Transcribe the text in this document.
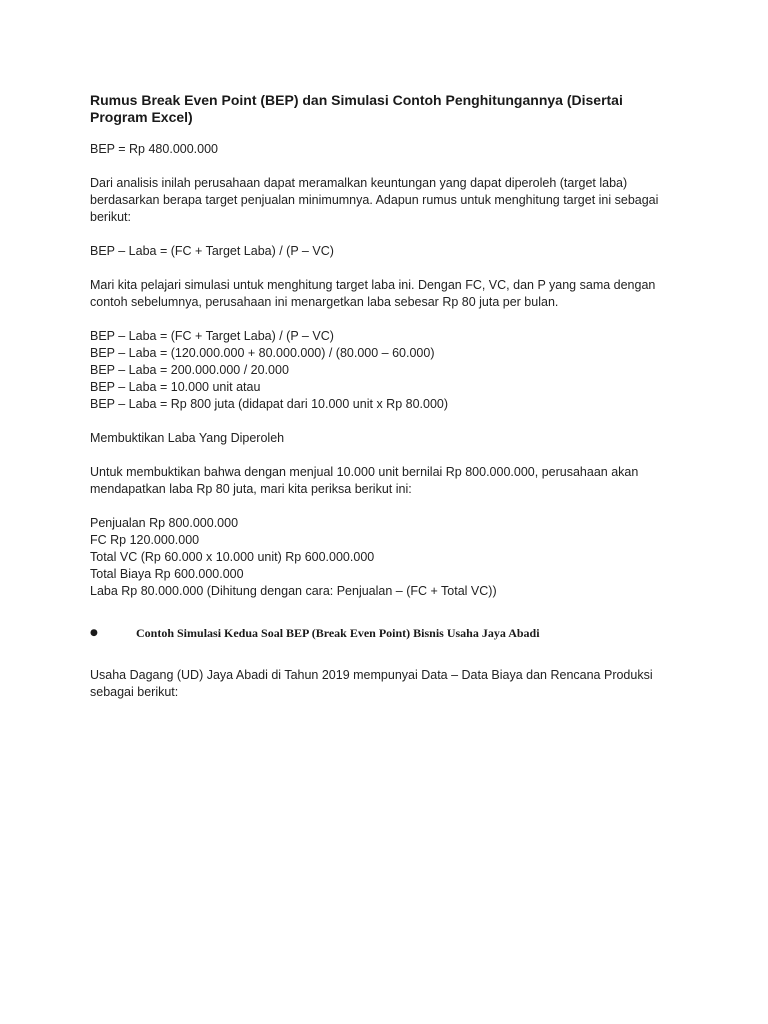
Rumus Break Even Point (BEP) dan Simulasi Contoh Penghitungannya (Disertai Program Excel)

BEP = Rp 480.000.000

Dari analisis inilah perusahaan dapat meramalkan keuntungan yang dapat diperoleh (target laba) berdasarkan berapa target penjualan minimumnya. Adapun rumus untuk menghitung target ini sebagai berikut:

BEP – Laba = (FC + Target Laba) / (P – VC)

Mari kita pelajari simulasi untuk menghitung target laba ini. Dengan FC, VC, dan P yang sama dengan contoh sebelumnya, perusahaan ini menargetkan laba sebesar Rp 80 juta per bulan.

BEP – Laba = (FC + Target Laba) / (P – VC)
BEP – Laba = (120.000.000 + 80.000.000) / (80.000 – 60.000)
BEP – Laba = 200.000.000 / 20.000
BEP – Laba = 10.000 unit atau
BEP – Laba = Rp 800 juta (didapat dari 10.000 unit x Rp 80.000)

Membuktikan Laba Yang Diperoleh

Untuk membuktikan bahwa dengan menjual 10.000 unit bernilai Rp 800.000.000, perusahaan akan mendapatkan laba Rp 80 juta, mari kita periksa berikut ini:

Penjualan Rp 800.000.000
FC Rp 120.000.000
Total VC (Rp 60.000 x 10.000 unit) Rp 600.000.000
Total Biaya Rp 600.000.000
Laba Rp 80.000.000 (Dihitung dengan cara: Penjualan – (FC + Total VC))

●	Contoh Simulasi Kedua Soal BEP (Break Even Point) Bisnis Usaha Jaya Abadi

Usaha Dagang (UD) Jaya Abadi di Tahun 2019 mempunyai Data – Data Biaya dan Rencana Produksi sebagai berikut:
